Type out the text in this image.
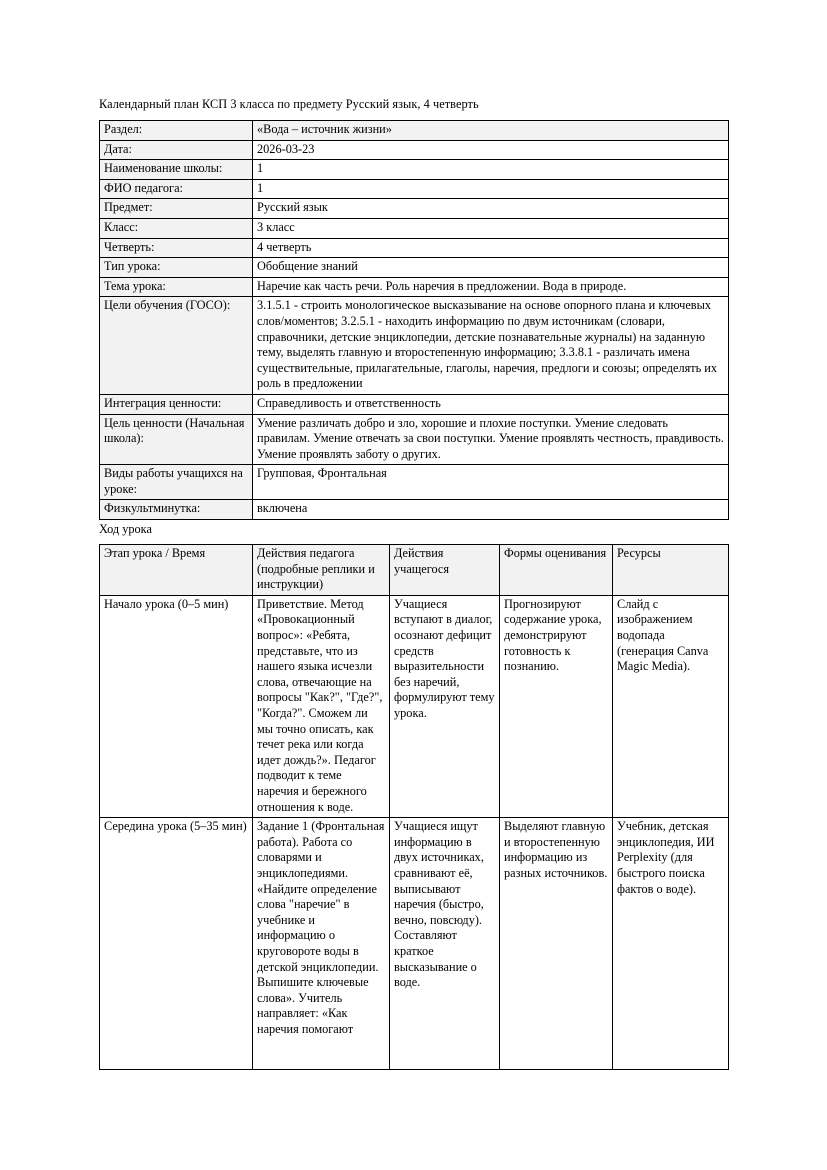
Календарный план КСП 3 класса по предмету Русский язык, 4 четверть

Раздел:	«Вода – источник жизни»
Дата:	2026-03-23
Наименование школы:	1
ФИО педагога:	1
Предмет:	Русский язык
Класс:	3 класс
Четверть:	4 четверть
Тип урока:	Обобщение знаний
Тема урока:	Наречие как часть речи. Роль наречия в предложении. Вода в природе.
Цели обучения (ГОСО):	3.1.5.1 - строить монологическое высказывание на основе опорного плана и ключевых слов/моментов; 3.2.5.1 - находить информацию по двум источникам (словари, справочники, детские энциклопедии, детские познавательные журналы) на заданную тему, выделять главную и второстепенную информацию; 3.3.8.1 - различать имена существительные, прилагательные, глаголы, наречия, предлоги и союзы; определять их роль в предложении
Интеграция ценности:	Справедливость и ответственность
Цель ценности (Начальная школа):	Умение различать добро и зло, хорошие и плохие поступки. Умение следовать правилам. Умение отвечать за свои поступки. Умение проявлять честность, правдивость. Умение проявлять заботу о других.
Виды работы учащихся на уроке:	Групповая, Фронтальная
Физкультминутка:	включена

Ход урока

Этап урока / Время	Действия педагога (подробные реплики и инструкции)	Действия учащегося	Формы оценивания	Ресурсы
Начало урока (0–5 мин)	Приветствие. Метод «Провокационный вопрос»: «Ребята, представьте, что из нашего языка исчезли слова, отвечающие на вопросы "Как?", "Где?", "Когда?". Сможем ли мы точно описать, как течет река или когда идет дождь?». Педагог подводит к теме наречия и бережного отношения к воде.	Учащиеся вступают в диалог, осознают дефицит средств выразительности без наречий, формулируют тему урока.	Прогнозируют содержание урока, демонстрируют готовность к познанию.	Слайд с изображением водопада (генерация Canva Magic Media).
Середина урока (5–35 мин)	Задание 1 (Фронтальная работа). Работа со словарями и энциклопедиями. «Найдите определение слова "наречие" в учебнике и информацию о круговороте воды в детской энциклопедии. Выпишите ключевые слова». Учитель направляет: «Как наречия помогают	Учащиеся ищут информацию в двух источниках, сравнивают её, выписывают наречия (быстро, вечно, повсюду). Составляют краткое высказывание о воде.	Выделяют главную и второстепенную информацию из разных источников.	Учебник, детская энциклопедия, ИИ Perplexity (для быстрого поиска фактов о воде).
